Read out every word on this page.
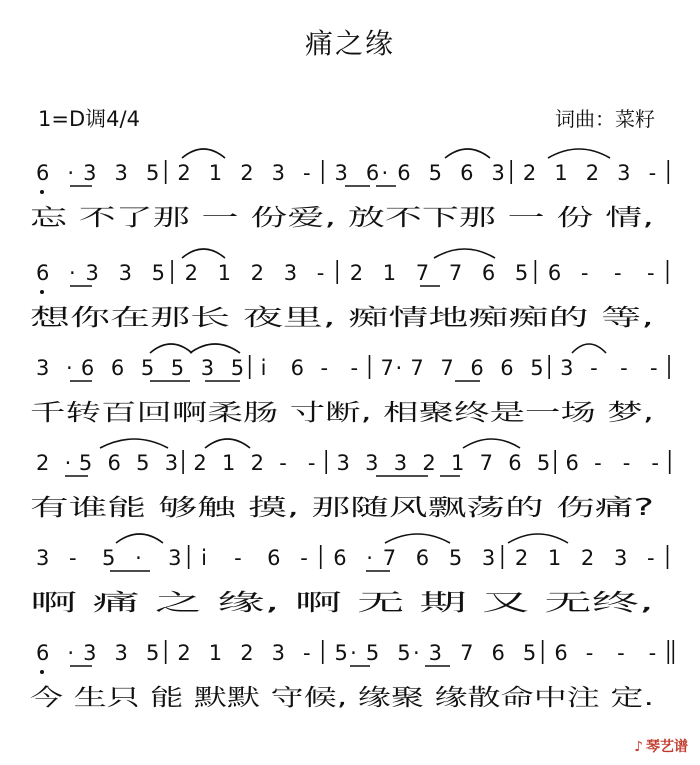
痛之缘
1=D调4/4	词曲：菜籽
6 · 3 3 5 2 1 2 3 - 3 6 · 6 5 6 3 2 1 2 3 -
忘 不了那 一 份爱, 放不下那 一 份 情,
6 · 3 3 5 2 1 2 3 - 2 1 7 7 6 5 6 - - -
想你在那长 夜里, 痴情地痴痴的 等,
3 · 6 6 5 5 3 5 i 6 - - 7 · 7 7 6 6 5 3 - - -
千转百回啊柔肠 寸断, 相聚终是一场 梦,
2 · 5 6 5 3 2 1 2 - - 3 3 3 2 1 7 6 5 6 - - -
有谁能 够触 摸, 那随风飘荡的 伤痛?
3 - 5 · 3 i - 6 - 6 · 7 6 5 3 2 1 2 3 -
啊 痛 之 缘, 啊 无 期 又 无终,
6 · 3 3 5 2 1 2 3 - 5 · 5 5 · 3 7 6 5 6 - - -
今 生只 能 默默 守候, 缘聚 缘散命中注 定.
♪ 琴艺谱
